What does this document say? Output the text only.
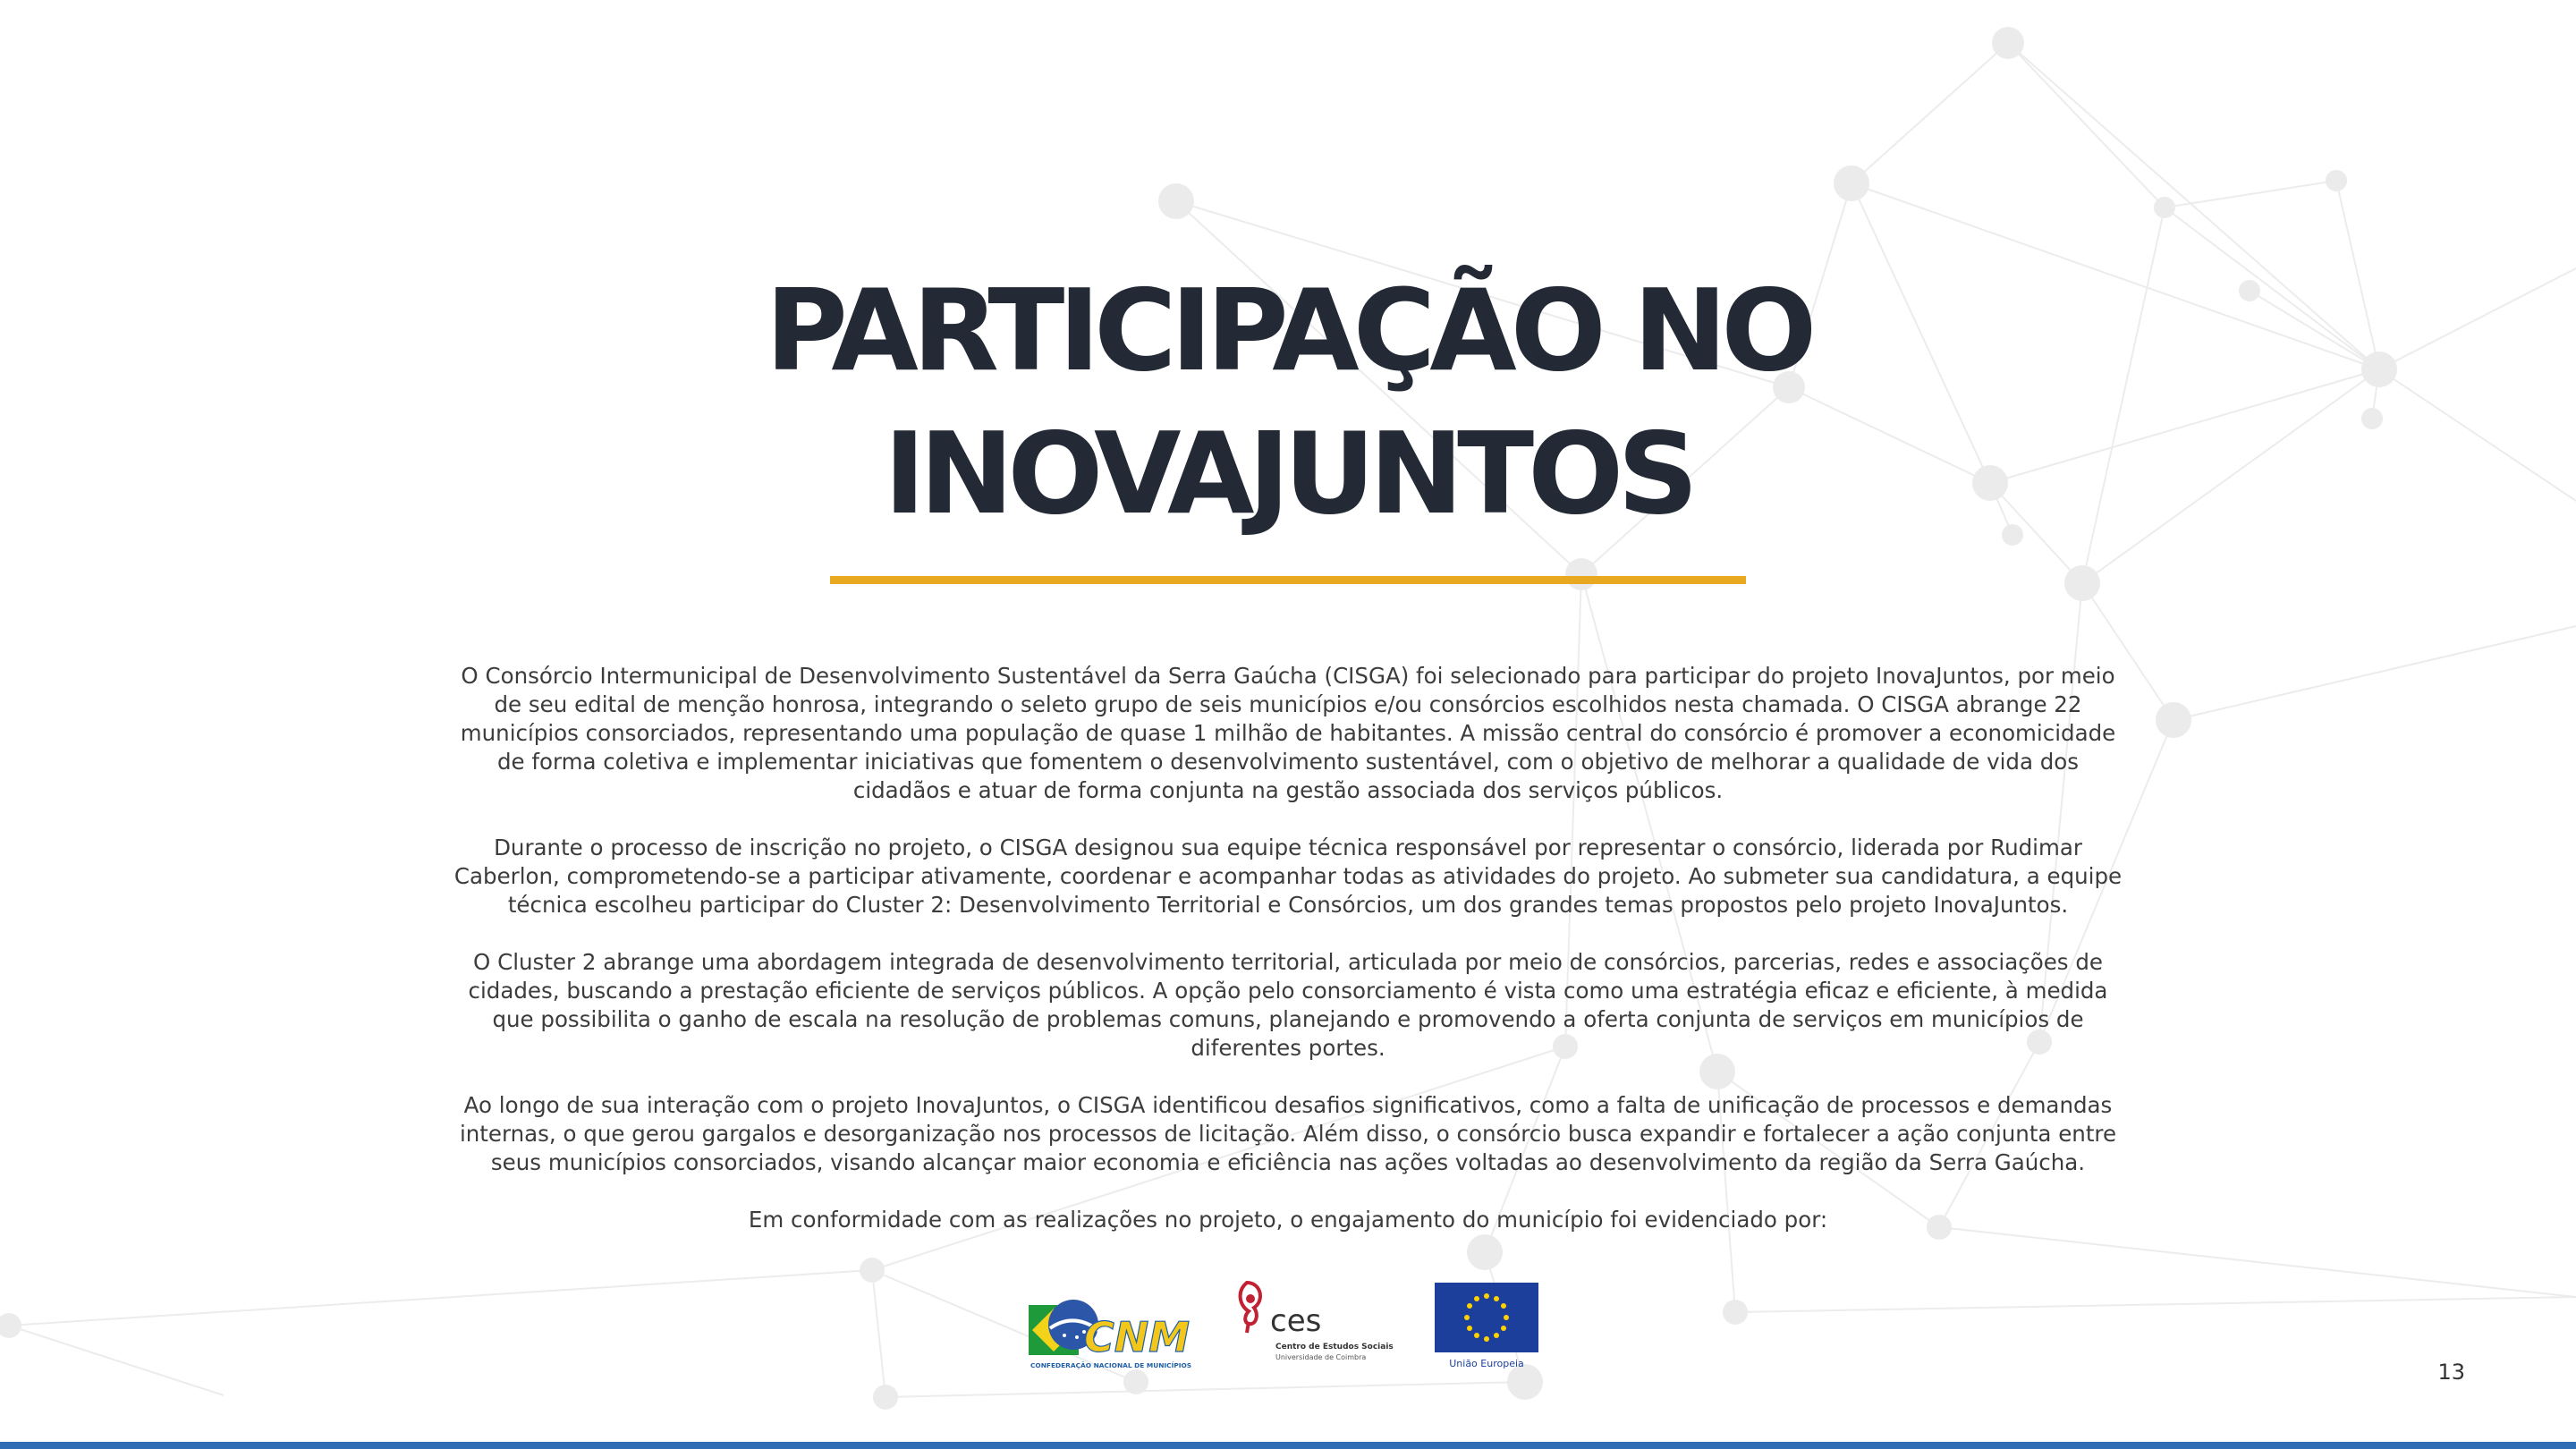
PARTICIPAÇÃO NO
INOVAJUNTOS

O Consórcio Intermunicipal de Desenvolvimento Sustentável da Serra Gaúcha (CISGA) foi selecionado para participar do projeto InovaJuntos, por meio de seu edital de menção honrosa, integrando o seleto grupo de seis municípios e/ou consórcios escolhidos nesta chamada. O CISGA abrange 22 municípios consorciados, representando uma população de quase 1 milhão de habitantes. A missão central do consórcio é promover a economicidade de forma coletiva e implementar iniciativas que fomentem o desenvolvimento sustentável, com o objetivo de melhorar a qualidade de vida dos cidadãos e atuar de forma conjunta na gestão associada dos serviços públicos.

Durante o processo de inscrição no projeto, o CISGA designou sua equipe técnica responsável por representar o consórcio, liderada por Rudimar Caberlon, comprometendo-se a participar ativamente, coordenar e acompanhar todas as atividades do projeto. Ao submeter sua candidatura, a equipe técnica escolheu participar do Cluster 2: Desenvolvimento Territorial e Consórcios, um dos grandes temas propostos pelo projeto InovaJuntos.

O Cluster 2 abrange uma abordagem integrada de desenvolvimento territorial, articulada por meio de consórcios, parcerias, redes e associações de cidades, buscando a prestação eficiente de serviços públicos. A opção pelo consorciamento é vista como uma estratégia eficaz e eficiente, à medida que possibilita o ganho de escala na resolução de problemas comuns, planejando e promovendo a oferta conjunta de serviços em municípios de diferentes portes.

Ao longo de sua interação com o projeto InovaJuntos, o CISGA identificou desafios significativos, como a falta de unificação de processos e demandas internas, o que gerou gargalos e desorganização nos processos de licitação. Além disso, o consórcio busca expandir e fortalecer a ação conjunta entre seus municípios consorciados, visando alcançar maior economia e eficiência nas ações voltadas ao desenvolvimento da região da Serra Gaúcha.

Em conformidade com as realizações no projeto, o engajamento do município foi evidenciado por:

CNM
CONFEDERAÇÃO NACIONAL DE MUNICÍPIOS
ces
Centro de Estudos Sociais
Universidade de Coimbra
União Europeia	13
